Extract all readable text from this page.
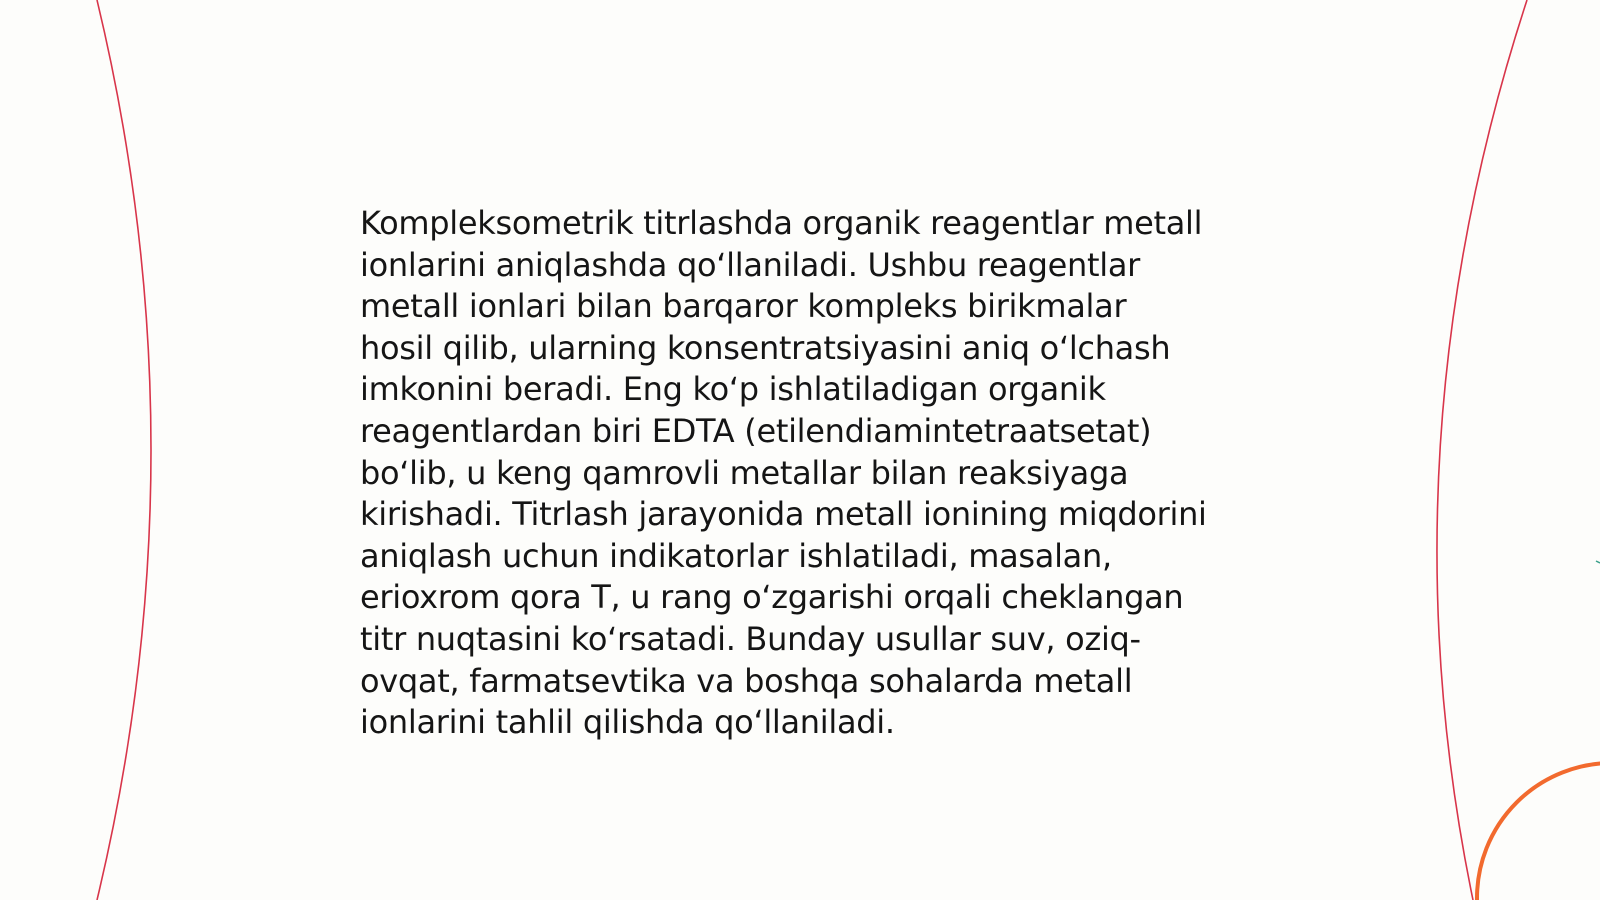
Kompleksometrik titrlashda organik reagentlar metall
ionlarini aniqlashda qoʻllaniladi. Ushbu reagentlar
metall ionlari bilan barqaror kompleks birikmalar
hosil qilib, ularning konsentratsiyasini aniq oʻlchash
imkonini beradi. Eng koʻp ishlatiladigan organik
reagentlardan biri EDTA (etilendiamintetraatsetat)
boʻlib, u keng qamrovli metallar bilan reaksiyaga
kirishadi. Titrlash jarayonida metall ionining miqdorini
aniqlash uchun indikatorlar ishlatiladi, masalan,
erioxrom qora T, u rang oʻzgarishi orqali cheklangan
titr nuqtasini koʻrsatadi. Bunday usullar suv, oziq-
ovqat, farmatsevtika va boshqa sohalarda metall
ionlarini tahlil qilishda qoʻllaniladi.
